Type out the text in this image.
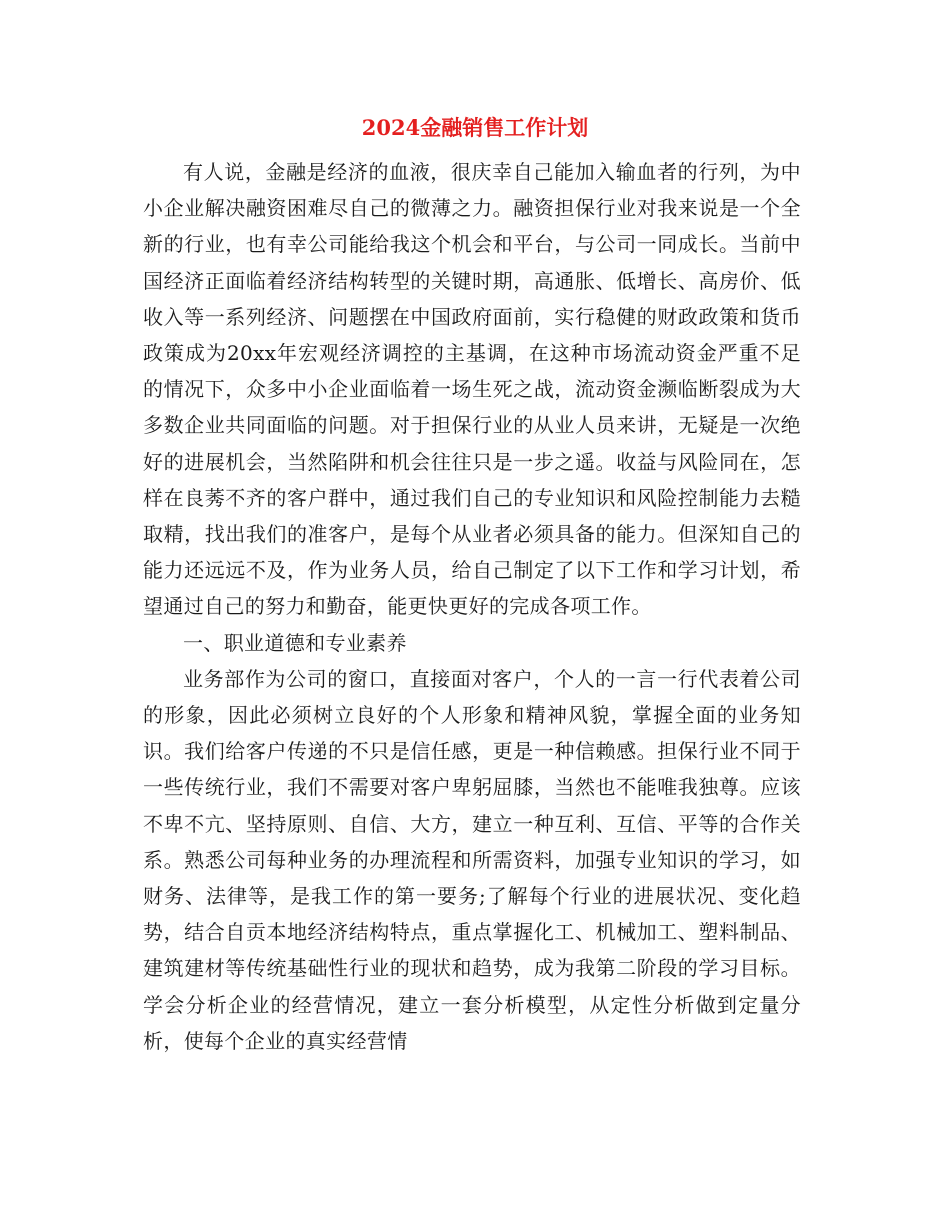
2024金融销售工作计划

有人说，金融是经济的血液，很庆幸自己能加入输血者的行列，为中小企业解决融资困难尽自己的微薄之力。融资担保行业对我来说是一个全新的行业，也有幸公司能给我这个机会和平台，与公司一同成长。当前中国经济正面临着经济结构转型的关键时期，高通胀、低增长、高房价、低收入等一系列经济、问题摆在中国政府面前，实行稳健的财政政策和货币政策成为20xx年宏观经济调控的主基调，在这种市场流动资金严重不足的情况下，众多中小企业面临着一场生死之战，流动资金濒临断裂成为大多数企业共同面临的问题。对于担保行业的从业人员来讲，无疑是一次绝好的进展机会，当然陷阱和机会往往只是一步之遥。收益与风险同在，怎样在良莠不齐的客户群中，通过我们自己的专业知识和风险控制能力去糙取精，找出我们的准客户，是每个从业者必须具备的能力。但深知自己的能力还远远不及，作为业务人员，给自己制定了以下工作和学习计划，希望通过自己的努力和勤奋，能更快更好的完成各项工作。

一、职业道德和专业素养

业务部作为公司的窗口，直接面对客户，个人的一言一行代表着公司的形象，因此必须树立良好的个人形象和精神风貌，掌握全面的业务知识。我们给客户传递的不只是信任感，更是一种信赖感。担保行业不同于一些传统行业，我们不需要对客户卑躬屈膝，当然也不能唯我独尊。应该不卑不亢、坚持原则、自信、大方，建立一种互利、互信、平等的合作关系。熟悉公司每种业务的办理流程和所需资料，加强专业知识的学习，如财务、法律等，是我工作的第一要务;了解每个行业的进展状况、变化趋势，结合自贡本地经济结构特点，重点掌握化工、机械加工、塑料制品、建筑建材等传统基础性行业的现状和趋势，成为我第二阶段的学习目标。学会分析企业的经营情况，建立一套分析模型，从定性分析做到定量分析，使每个企业的真实经营情
